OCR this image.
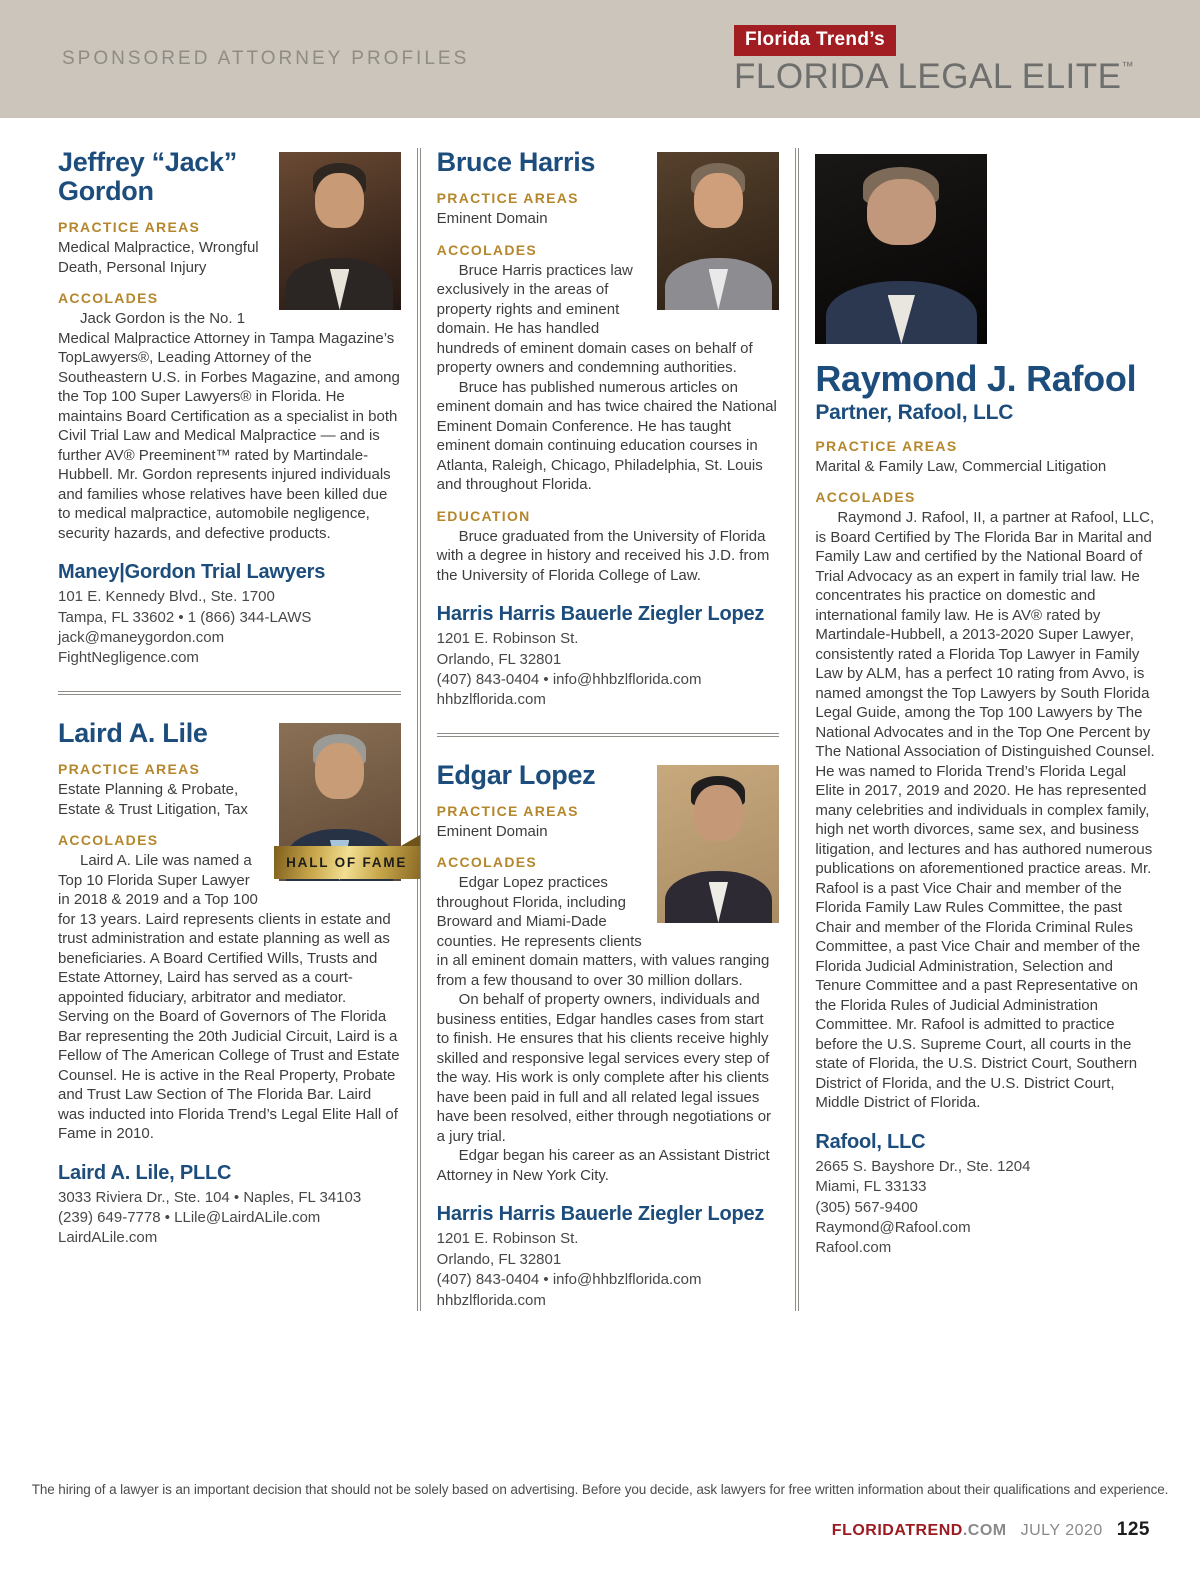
SPONSORED ATTORNEY PROFILES
Florida Trend’s
FLORIDA LEGAL ELITE™
Jeffrey “Jack” Gordon
PRACTICE AREAS

Medical Malpractice, Wrongful Death, Personal Injury

ACCOLADES

Jack Gordon is the No. 1 Medical Malpractice Attorney in Tampa Magazine’s TopLawyers®, Leading Attorney of the Southeastern U.S. in Forbes Magazine, and among the Top 100 Super Lawyers® in Florida. He maintains Board Certification as a specialist in both Civil Trial Law and Medical Malpractice — and is further AV® Preeminent™ rated by Martindale-Hubbell. Mr. Gordon represents injured individuals and families whose relatives have been killed due to medical malpractice, automobile negligence, security hazards, and defective products.

Maney|Gordon Trial Lawyers

101 E. Kennedy Blvd., Ste. 1700

Tampa, FL 33602 • 1 (866) 344-LAWS

jack@maneygordon.com

FightNegligence.com

HALL OF FAME
Laird A. Lile
PRACTICE AREAS

Estate Planning & Probate, Estate & Trust Litigation, Tax

ACCOLADES

Laird A. Lile was named a Top 10 Florida Super Lawyer in 2018 & 2019 and a Top 100 for 13 years. Laird represents clients in estate and trust administration and estate planning as well as beneficiaries. A Board Certified Wills, Trusts and Estate Attorney, Laird has served as a court-appointed fiduciary, arbitrator and mediator. Serving on the Board of Governors of The Florida Bar representing the 20th Judicial Circuit, Laird is a Fellow of The American College of Trust and Estate Counsel. He is active in the Real Property, Probate and Trust Law Section of The Florida Bar. Laird was inducted into Florida Trend’s Legal Elite Hall of Fame in 2010.

Laird A. Lile, PLLC

3033 Riviera Dr., Ste. 104 • Naples, FL 34103

(239) 649-7778 • LLile@LairdALile.com

LairdALile.com

Bruce Harris
PRACTICE AREAS

Eminent Domain

ACCOLADES

Bruce Harris practices law exclusively in the areas of property rights and eminent domain. He has handled hundreds of eminent domain cases on behalf of property owners and condemning authorities.

Bruce has published numerous articles on eminent domain and has twice chaired the National Eminent Domain Conference. He has taught eminent domain continuing education courses in Atlanta, Raleigh, Chicago, Philadelphia, St. Louis and throughout Florida.

EDUCATION

Bruce graduated from the University of Florida with a degree in history and received his J.D. from the University of Florida College of Law.

Harris Harris Bauerle Ziegler Lopez

1201 E. Robinson St.

Orlando, FL 32801

(407) 843-0404 • info@hhbzlflorida.com

hhbzlflorida.com

Edgar Lopez
PRACTICE AREAS

Eminent Domain

ACCOLADES

Edgar Lopez practices throughout Florida, including Broward and Miami-Dade counties. He represents clients in all eminent domain matters, with values ranging from a few thousand to over 30 million dollars.

On behalf of property owners, individuals and business entities, Edgar handles cases from start to finish. He ensures that his clients receive highly skilled and responsive legal services every step of the way. His work is only complete after his clients have been paid in full and all related legal issues have been resolved, either through negotiations or a jury trial.

Edgar began his career as an Assistant District Attorney in New York City.

Harris Harris Bauerle Ziegler Lopez

1201 E. Robinson St.

Orlando, FL 32801

(407) 843-0404 • info@hhbzlflorida.com

hhbzlflorida.com

Raymond J. Rafool
Partner, Rafool, LLC
PRACTICE AREAS

Marital & Family Law, Commercial Litigation

ACCOLADES

Raymond J. Rafool, II, a partner at Rafool, LLC, is Board Certified by The Florida Bar in Marital and Family Law and certified by the National Board of Trial Advocacy as an expert in family trial law. He concentrates his practice on domestic and international family law. He is AV® rated by Martindale-Hubbell, a 2013-2020 Super Lawyer, consistently rated a Florida Top Lawyer in Family Law by ALM, has a perfect 10 rating from Avvo, is named amongst the Top Lawyers by South Florida Legal Guide, among the Top 100 Lawyers by The National Advocates and in the Top One Percent by The National Association of Distinguished Counsel. He was named to Florida Trend’s Florida Legal Elite in 2017, 2019 and 2020. He has represented many celebrities and individuals in complex family, high net worth divorces, same sex, and business litigation, and lectures and has authored numerous publications on aforementioned practice areas. Mr. Rafool is a past Vice Chair and member of the Florida Family Law Rules Committee, the past Chair and member of the Florida Criminal Rules Committee, a past Vice Chair and member of the Florida Judicial Administration, Selection and Tenure Committee and a past Representative on the Florida Rules of Judicial Administration Committee. Mr. Rafool is admitted to practice before the U.S. Supreme Court, all courts in the state of Florida, the U.S. District Court, Southern District of Florida, and the U.S. District Court, Middle District of Florida.

Rafool, LLC

2665 S. Bayshore Dr., Ste. 1204

Miami, FL 33133

(305) 567-9400

Raymond@Rafool.com

Rafool.com

The hiring of a lawyer is an important decision that should not be solely based on advertising. Before you decide, ask lawyers for free written information about their qualifications and experience.
FLORIDATREND.COM JULY 2020 125
